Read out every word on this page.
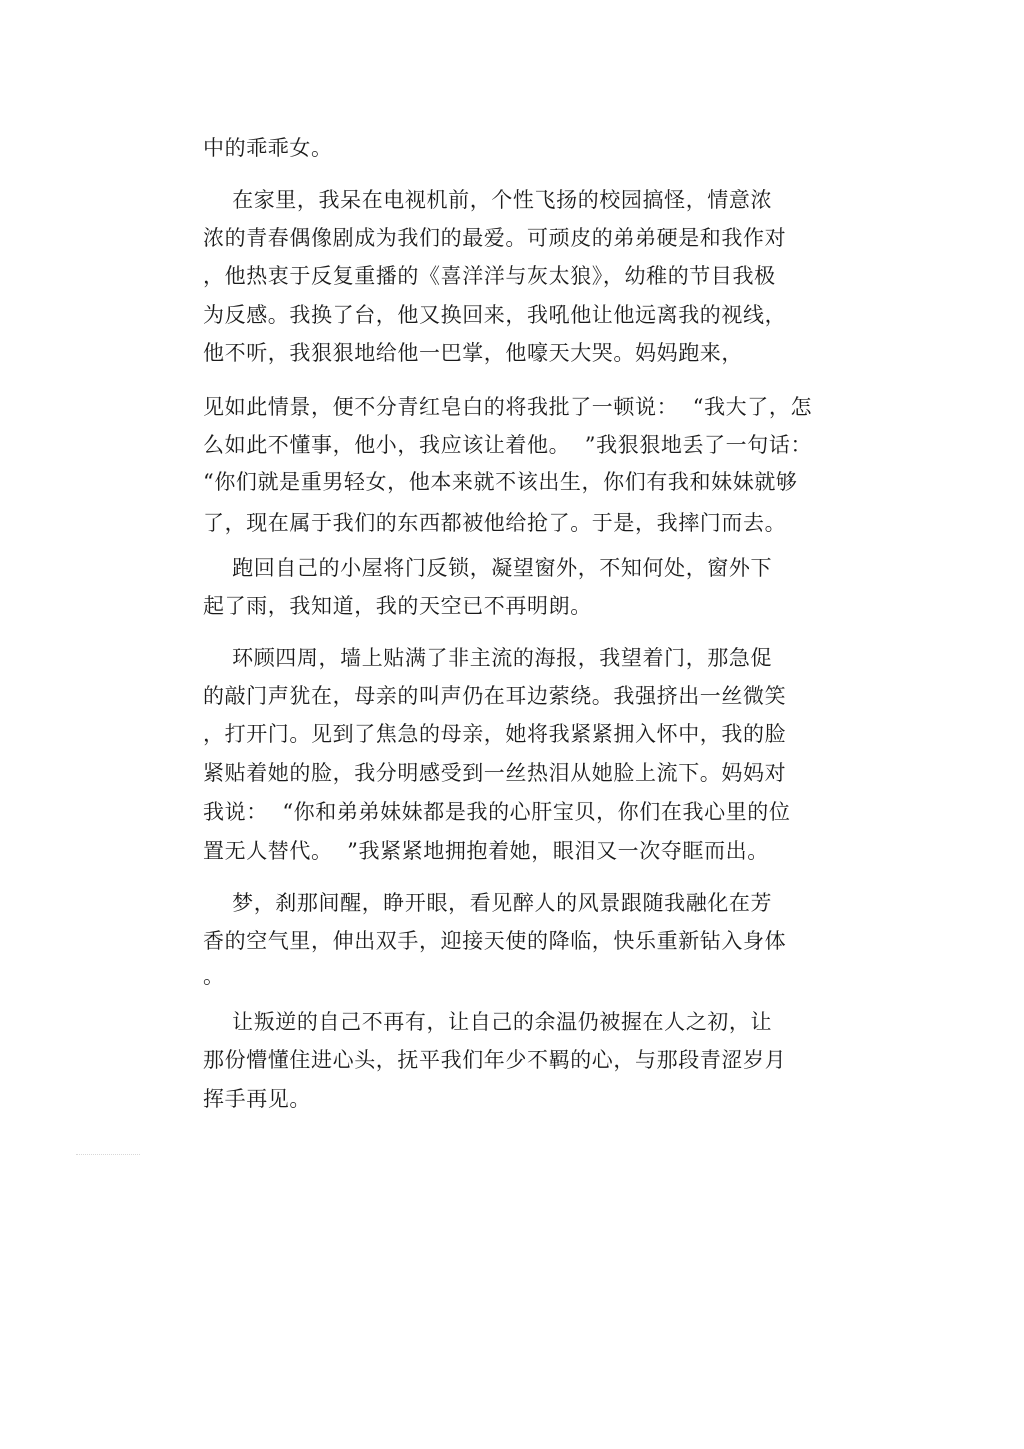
中的乖乖女。
在家里，我呆在电视机前，个性飞扬的校园搞怪，情意浓
浓的青春偶像剧成为我们的最爱。可顽皮的弟弟硬是和我作对
，他热衷于反复重播的《喜洋洋与灰太狼》，幼稚的节目我极
为反感。我换了台，他又换回来，我吼他让他远离我的视线，
他不听，我狠狠地给他一巴掌，他嚎天大哭。妈妈跑来，
见如此情景，便不分青红皂白的将我批了一顿说：  “我大了，怎
么如此不懂事，他小，我应该让着他。  ”我狠狠地丢了一句话：
“你们就是重男轻女，他本来就不该出生，你们有我和妹妹就够
了，现在属于我们的东西都被他给抢了。于是，我摔门而去。
跑回自己的小屋将门反锁，凝望窗外，不知何处，窗外下
起了雨，我知道，我的天空已不再明朗。
环顾四周，墙上贴满了非主流的海报，我望着门，那急促
的敲门声犹在，母亲的叫声仍在耳边萦绕。我强挤出一丝微笑
，打开门。见到了焦急的母亲，她将我紧紧拥入怀中，我的脸
紧贴着她的脸，我分明感受到一丝热泪从她脸上流下。妈妈对
我说：  “你和弟弟妹妹都是我的心肝宝贝，你们在我心里的位
置无人替代。  ”我紧紧地拥抱着她，眼泪又一次夺眶而出。
梦，刹那间醒，睁开眼，看见醉人的风景跟随我融化在芳
香的空气里，伸出双手，迎接天使的降临，快乐重新钻入身体
。
让叛逆的自己不再有，让自己的余温仍被握在人之初，让
那份懵懂住进心头，抚平我们年少不羁的心，与那段青涩岁月
挥手再见。
